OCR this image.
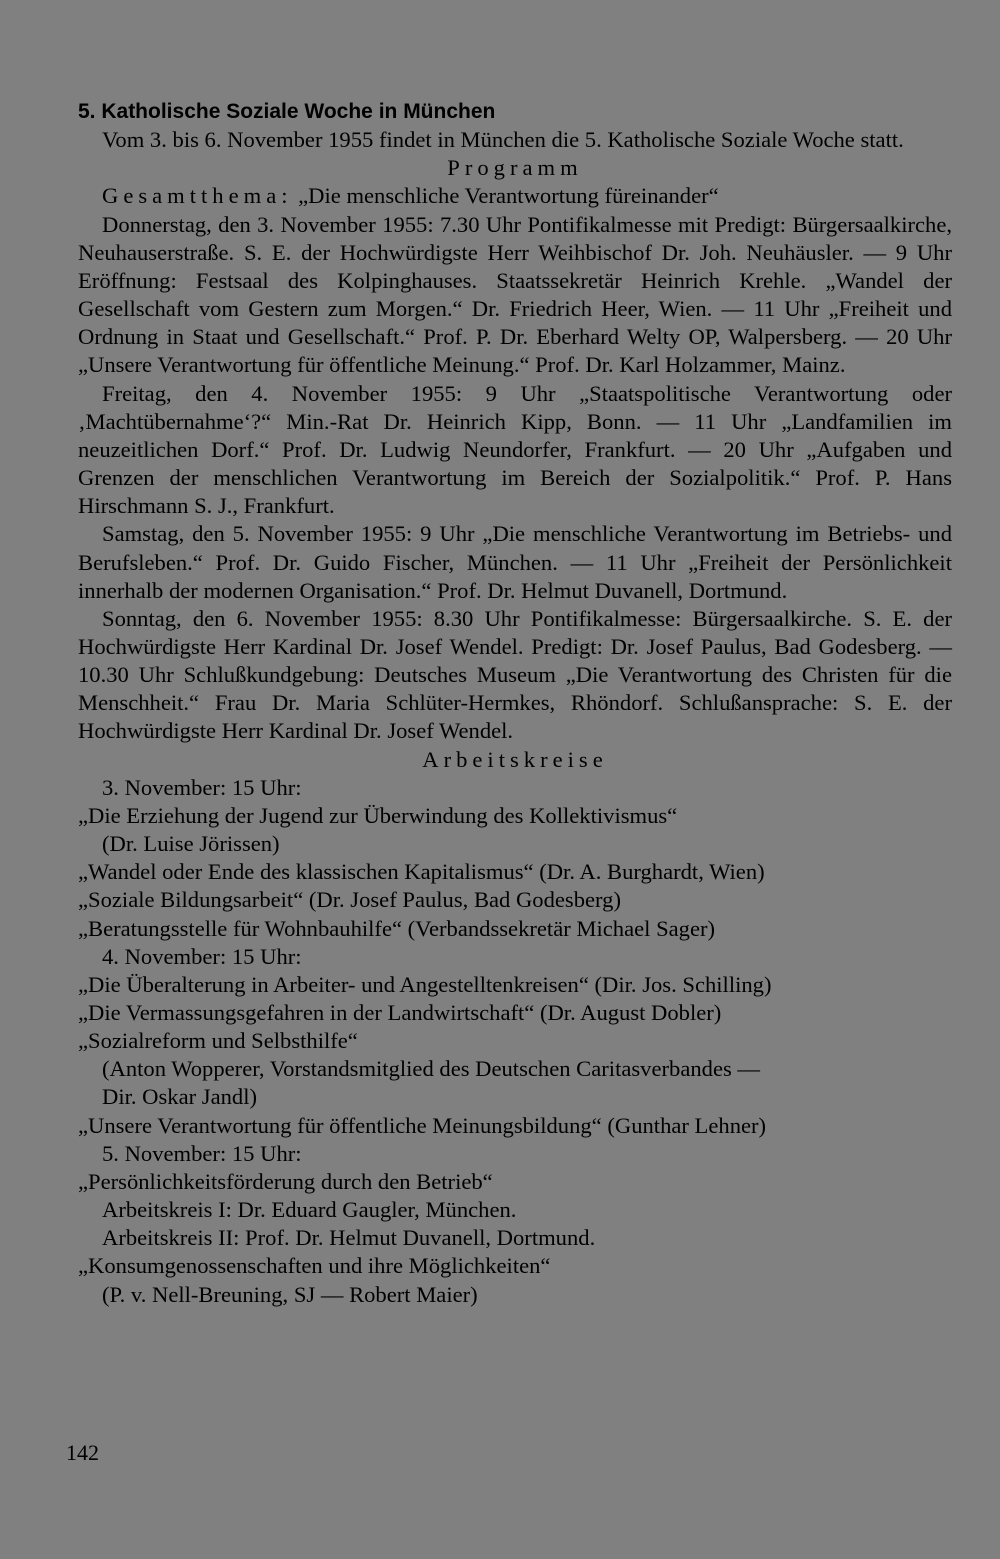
5. Katholische Soziale Woche in München

Vom 3. bis 6. November 1955 findet in München die 5. Katholische Soziale Woche statt.

Programm

Gesamtthema: „Die menschliche Verantwortung füreinander“

Donnerstag, den 3. November 1955: 7.30 Uhr Pontifikalmesse mit Predigt: Bürgersaalkirche, Neuhauserstraße. S. E. der Hochwürdigste Herr Weihbischof Dr. Joh. Neuhäusler. — 9 Uhr Eröffnung: Festsaal des Kolpinghauses. Staatssekretär Heinrich Krehle. „Wandel der Gesellschaft vom Gestern zum Morgen.“ Dr. Friedrich Heer, Wien. — 11 Uhr „Freiheit und Ordnung in Staat und Gesellschaft.“ Prof. P. Dr. Eberhard Welty OP, Walpersberg. — 20 Uhr „Unsere Verantwortung für öffentliche Meinung.“ Prof. Dr. Karl Holzammer, Mainz.

Freitag, den 4. November 1955: 9 Uhr „Staatspolitische Verantwortung oder ‚Machtübernahme‘?“ Min.-Rat Dr. Heinrich Kipp, Bonn. — 11 Uhr „Landfamilien im neuzeitlichen Dorf.“ Prof. Dr. Ludwig Neundorfer, Frankfurt. — 20 Uhr „Aufgaben und Grenzen der menschlichen Verantwortung im Bereich der Sozialpolitik.“ Prof. P. Hans Hirschmann S. J., Frankfurt.

Samstag, den 5. November 1955: 9 Uhr „Die menschliche Verantwortung im Betriebs- und Berufsleben.“ Prof. Dr. Guido Fischer, München. — 11 Uhr „Freiheit der Persönlichkeit innerhalb der modernen Organisation.“ Prof. Dr. Helmut Duvanell, Dortmund.

Sonntag, den 6. November 1955: 8.30 Uhr Pontifikalmesse: Bürgersaalkirche. S. E. der Hochwürdigste Herr Kardinal Dr. Josef Wendel. Predigt: Dr. Josef Paulus, Bad Godesberg. — 10.30 Uhr Schlußkundgebung: Deutsches Museum „Die Verantwortung des Christen für die Menschheit.“ Frau Dr. Maria Schlüter-Hermkes, Rhöndorf. Schlußansprache: S. E. der Hochwürdigste Herr Kardinal Dr. Josef Wendel.

Arbeitskreise

3. November: 15 Uhr:

„Die Erziehung der Jugend zur Überwindung des Kollektivismus“

(Dr. Luise Jörissen)

„Wandel oder Ende des klassischen Kapitalismus“ (Dr. A. Burghardt, Wien)

„Soziale Bildungsarbeit“ (Dr. Josef Paulus, Bad Godesberg)

„Beratungsstelle für Wohnbauhilfe“ (Verbandssekretär Michael Sager)

4. November: 15 Uhr:

„Die Überalterung in Arbeiter- und Angestelltenkreisen“ (Dir. Jos. Schilling)

„Die Vermassungsgefahren in der Landwirtschaft“ (Dr. August Dobler)

„Sozialreform und Selbsthilfe“

(Anton Wopperer, Vorstandsmitglied des Deutschen Caritasverbandes —

Dir. Oskar Jandl)

„Unsere Verantwortung für öffentliche Meinungsbildung“ (Gunthar Lehner)

5. November: 15 Uhr:

„Persönlichkeitsförderung durch den Betrieb“

Arbeitskreis I: Dr. Eduard Gaugler, München.

Arbeitskreis II: Prof. Dr. Helmut Duvanell, Dortmund.

„Konsumgenossenschaften und ihre Möglichkeiten“

(P. v. Nell-Breuning, SJ — Robert Maier)

142
